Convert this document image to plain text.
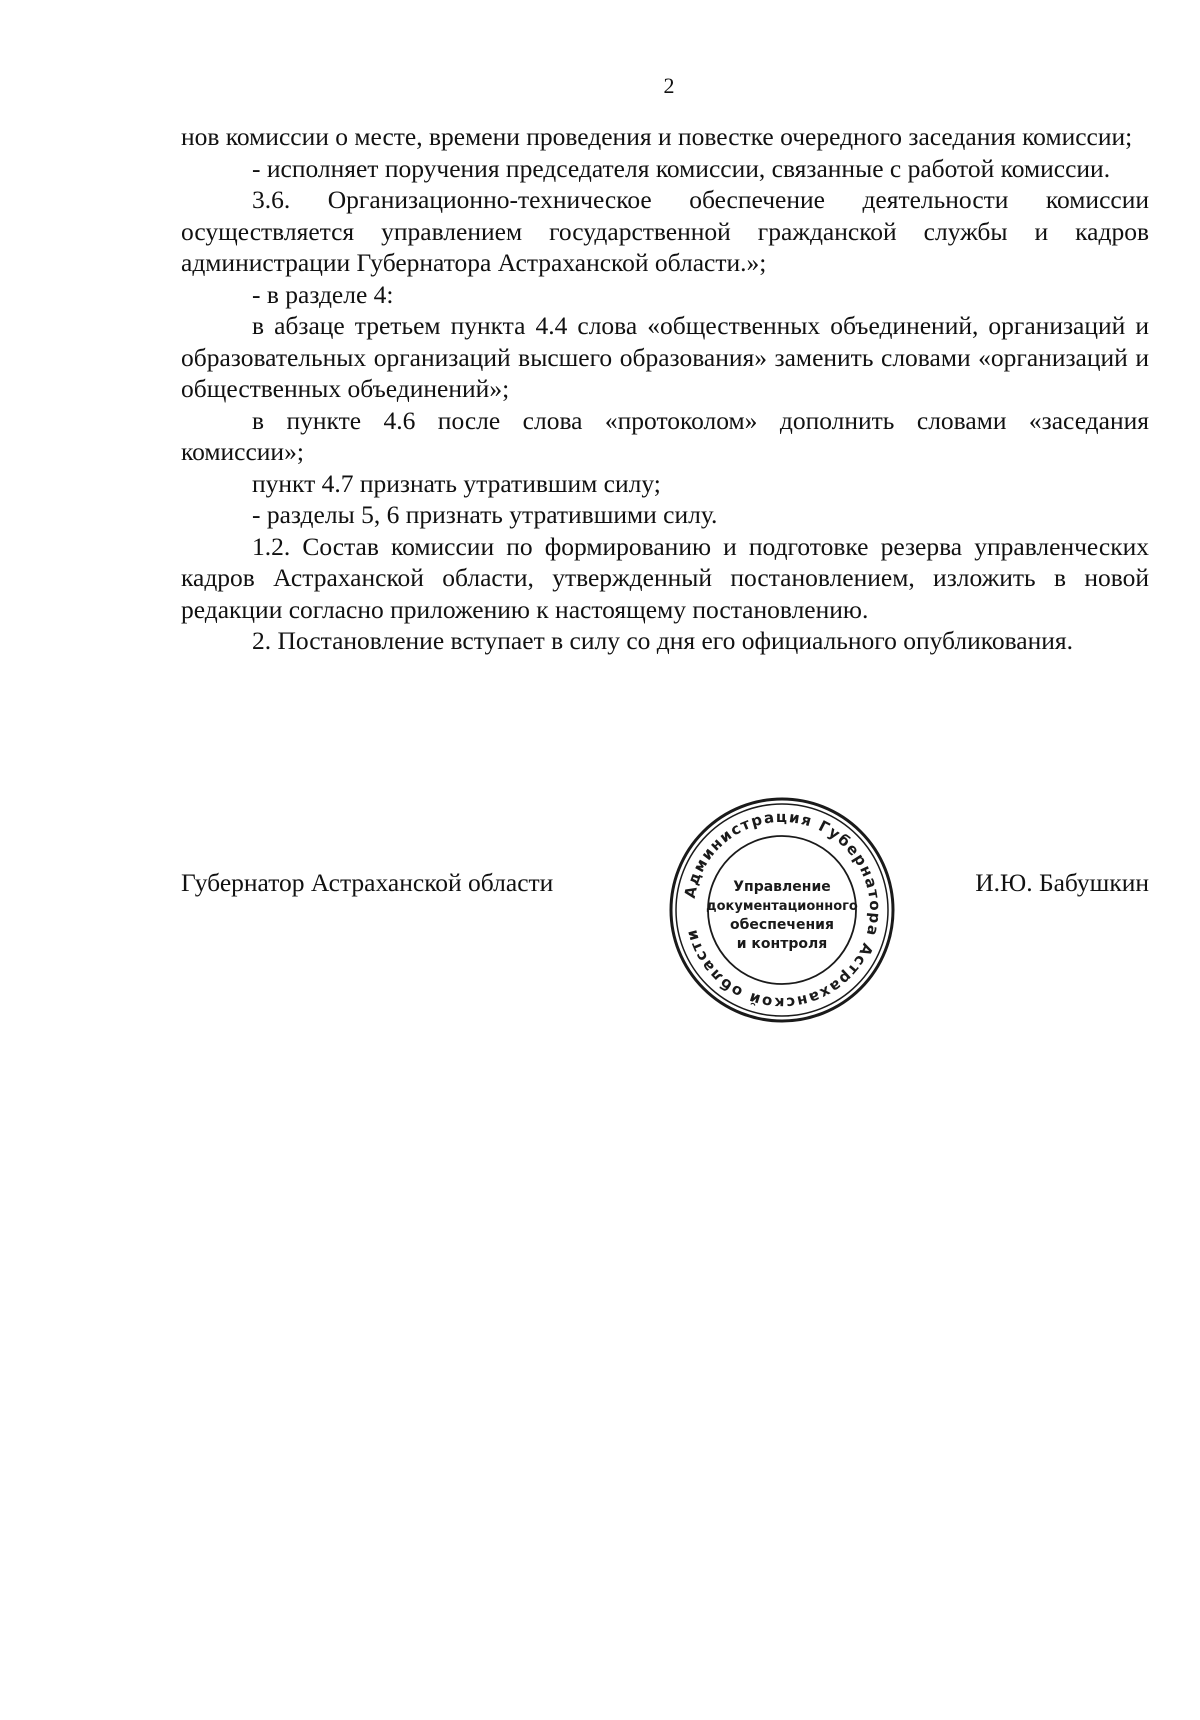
2

нов комиссии о месте, времени проведения и повестке очередного заседания комиссии;

- исполняет поручения председателя комиссии, связанные с работой комиссии.

3.6. Организационно-техническое обеспечение деятельности комиссии осуществляется управлением государственной гражданской службы и кадров администрации Губернатора Астраханской области.»;

- в разделе 4:

в абзаце третьем пункта 4.4 слова «общественных объединений, организаций и образовательных организаций высшего образования» заменить словами «организаций и общественных объединений»;

в пункте 4.6 после слова «протоколом» дополнить словами «заседания комиссии»;

пункт 4.7 признать утратившим силу;

- разделы 5, 6 признать утратившими силу.

1.2. Состав комиссии по формированию и подготовке резерва управленческих кадров Астраханской области, утвержденный постановлением, изложить в новой редакции согласно приложению к настоящему постановлению.

2. Постановление вступает в силу со дня его официального опубликования.

Губернатор Астраханской области	И.Ю. Бабушкин
Администрация Губернатора Астраханской области
Управление
документационного
обеспечения
и контроля
